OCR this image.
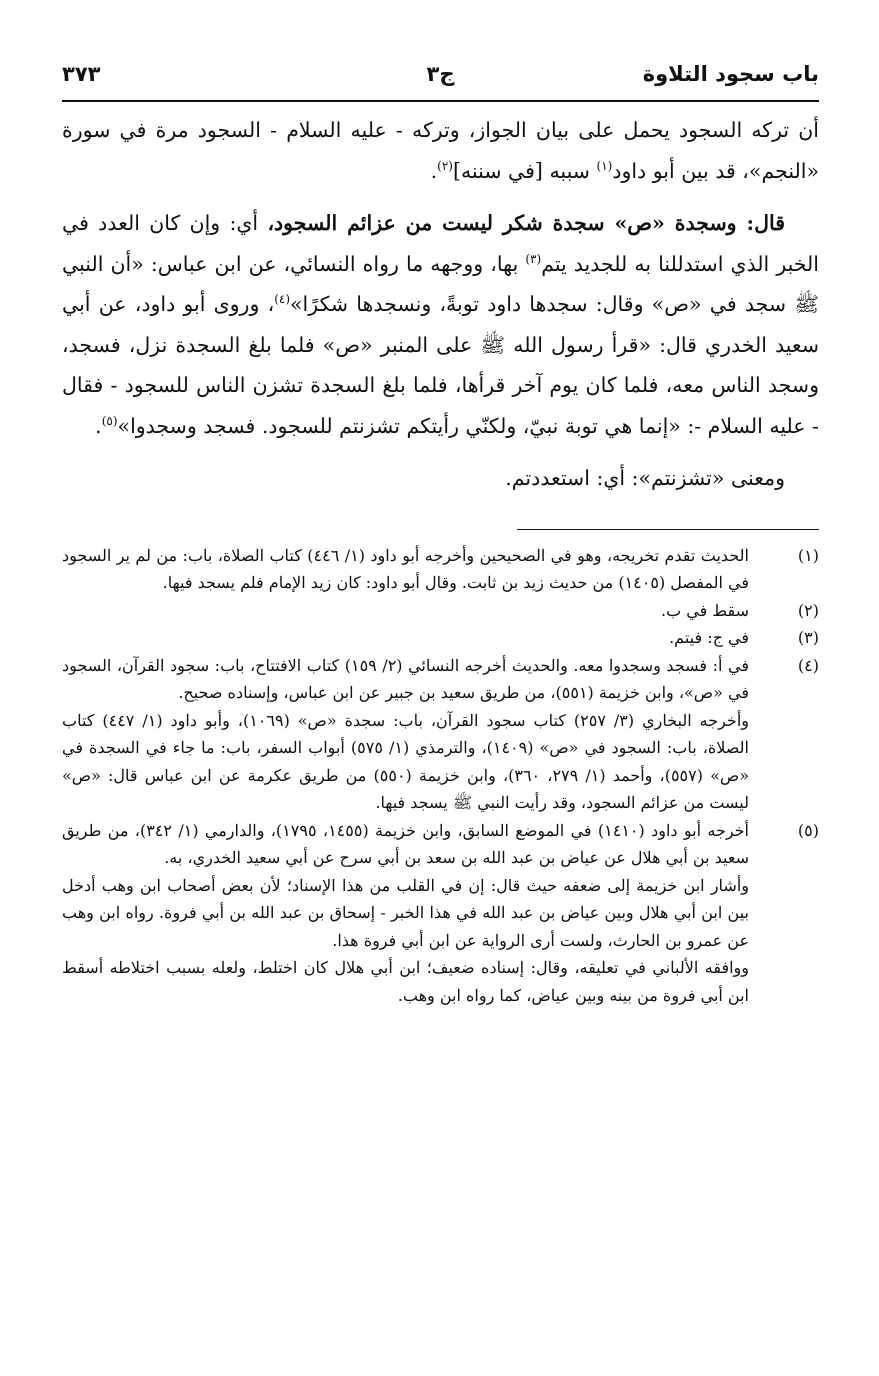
باب سجود التلاوة
ج٣
٣٧٣

أن تركه السجود يحمل على بيان الجواز، وتركه - عليه السلام - السجود مرة في سورة «النجم»، قد بين أبو داود$^{(١)}$ سببه [في سننه]$^{(٢)}$.

قال: وسجدة «ص» سجدة شكر ليست من عزائم السجود، أي: وإن كان العدد في الخبر الذي استدللنا به للجديد يتم$^{(٣)}$ بها، ووجهه ما رواه النسائي، عن ابن عباس: «أن النبي ﷺ سجد في «ص» وقال: سجدها داود توبةً، ونسجدها شكرًا»$^{(٤)}$، وروى أبو داود، عن أبي سعيد الخدري قال: «قرأ رسول الله ﷺ على المنبر «ص» فلما بلغ السجدة نزل، فسجد، وسجد الناس معه، فلما كان يوم آخر قرأها، فلما بلغ السجدة تشزن الناس للسجود - فقال - عليه السلام -: «إنما هي توبة نبيّ، ولكنّي رأيتكم تشزنتم للسجود. فسجد وسجدوا»$^{(٥)}$.

ومعنى «تشزنتم»: أي: استعددتم.

(١)
الحديث تقدم تخريجه، وهو في الصحيحين وأخرجه أبو داود (١/ ٤٤٦) كتاب الصلاة، باب: من لم ير السجود في المفصل (١٤٠٥) من حديث زيد بن ثابت. وقال أبو داود: كان زيد الإمام فلم يسجد فيها.
(٢)
سقط في ب.
(٣)
في ج: فيتم.
(٤)
في أ: فسجد وسجدوا معه. والحديث أخرجه النسائي (٢/ ١٥٩) كتاب الافتتاح، باب: سجود القرآن، السجود في «ص»، وابن خزيمة (٥٥١)، من طريق سعيد بن جبير عن ابن عباس، وإسناده صحيح.
وأخرجه البخاري (٣/ ٢٥٧) كتاب سجود القرآن، باب: سجدة «ص» (١٠٦٩)، وأبو داود (١/ ٤٤٧) كتاب الصلاة، باب: السجود في «ص» (١٤٠٩)، والترمذي (١/ ٥٧٥) أبواب السفر، باب: ما جاء في السجدة في «ص» (٥٥٧)، وأحمد (١/ ٢٧٩، ٣٦٠)، وابن خزيمة (٥٥٠) من طريق عكرمة عن ابن عباس قال: «ص» ليست من عزائم السجود، وقد رأيت النبي ﷺ يسجد فيها.
(٥)
أخرجه أبو داود (١٤١٠) في الموضع السابق، وابن خزيمة (١٤٥٥، ١٧٩٥)، والدارمي (١/ ٣٤٢)، من طريق سعيد بن أبي هلال عن عياض بن عبد الله بن سعد بن أبي سرح عن أبي سعيد الخدري، به.
وأشار ابن خزيمة إلى ضعفه حيث قال: إن في القلب من هذا الإسناد؛ لأن بعض أصحاب ابن وهب أدخل بين ابن أبي هلال وبين عياض بن عبد الله في هذا الخبر - إسحاق بن عبد الله بن أبي فروة. رواه ابن وهب عن عمرو بن الحارث، ولست أرى الرواية عن ابن أبي فروة هذا.
ووافقه الألباني في تعليقه، وقال: إسناده ضعيف؛ ابن أبي هلال كان اختلط، ولعله بسبب اختلاطه أسقط ابن أبي فروة من بينه وبين عياض، كما رواه ابن وهب.
